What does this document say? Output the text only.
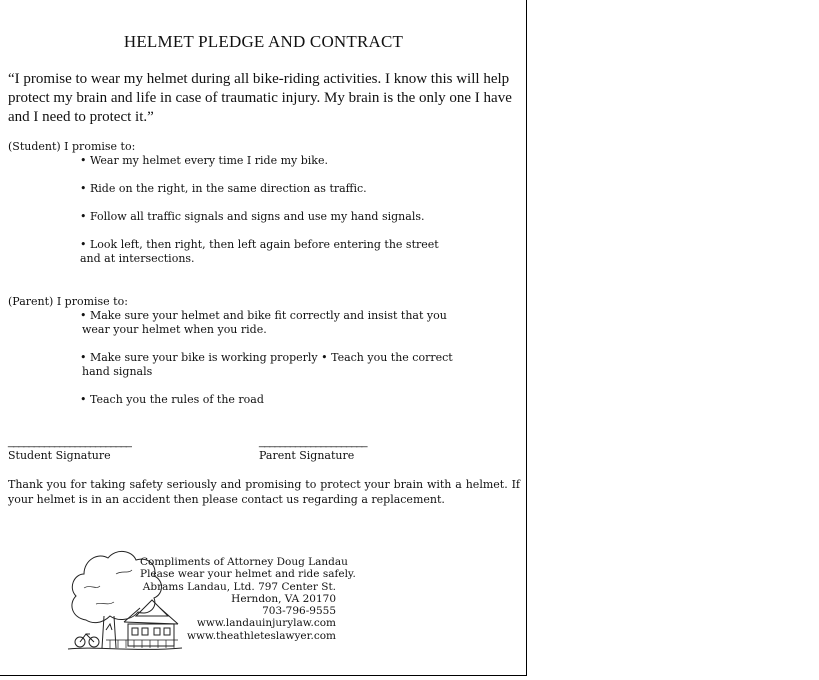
HELMET PLEDGE AND CONTRACT
“I promise to wear my helmet during all bike-riding activities. I know this will help protect my brain and life in case of traumatic injury. My brain is the only one I have and I need to protect it.”
(Student) I promise to:
• Wear my helmet every time I ride my bike.
• Ride on the right, in the same direction as traffic.
• Follow all traffic signals and signs and use my hand signals.
• Look left, then right, then left again before entering the street
and at intersections.
(Parent) I promise to:
• Make sure your helmet and bike fit correctly and insist that you
wear your helmet when you ride.
• Make sure your bike is working properly • Teach you the correct
hand signals
• Teach you the rules of the road
________________________
Student Signature
_____________________
Parent Signature
Thank you for taking safety seriously and promising to protect your brain with a helmet. If your helmet is in an accident then please contact us regarding a replacement.
Compliments of Attorney Doug Landau
Please wear your helmet and ride safely.
Abrams Landau, Ltd. 797 Center St.
Herndon, VA 20170
703-796-9555
www.landauinjurylaw.com
www.theathleteslawyer.com
